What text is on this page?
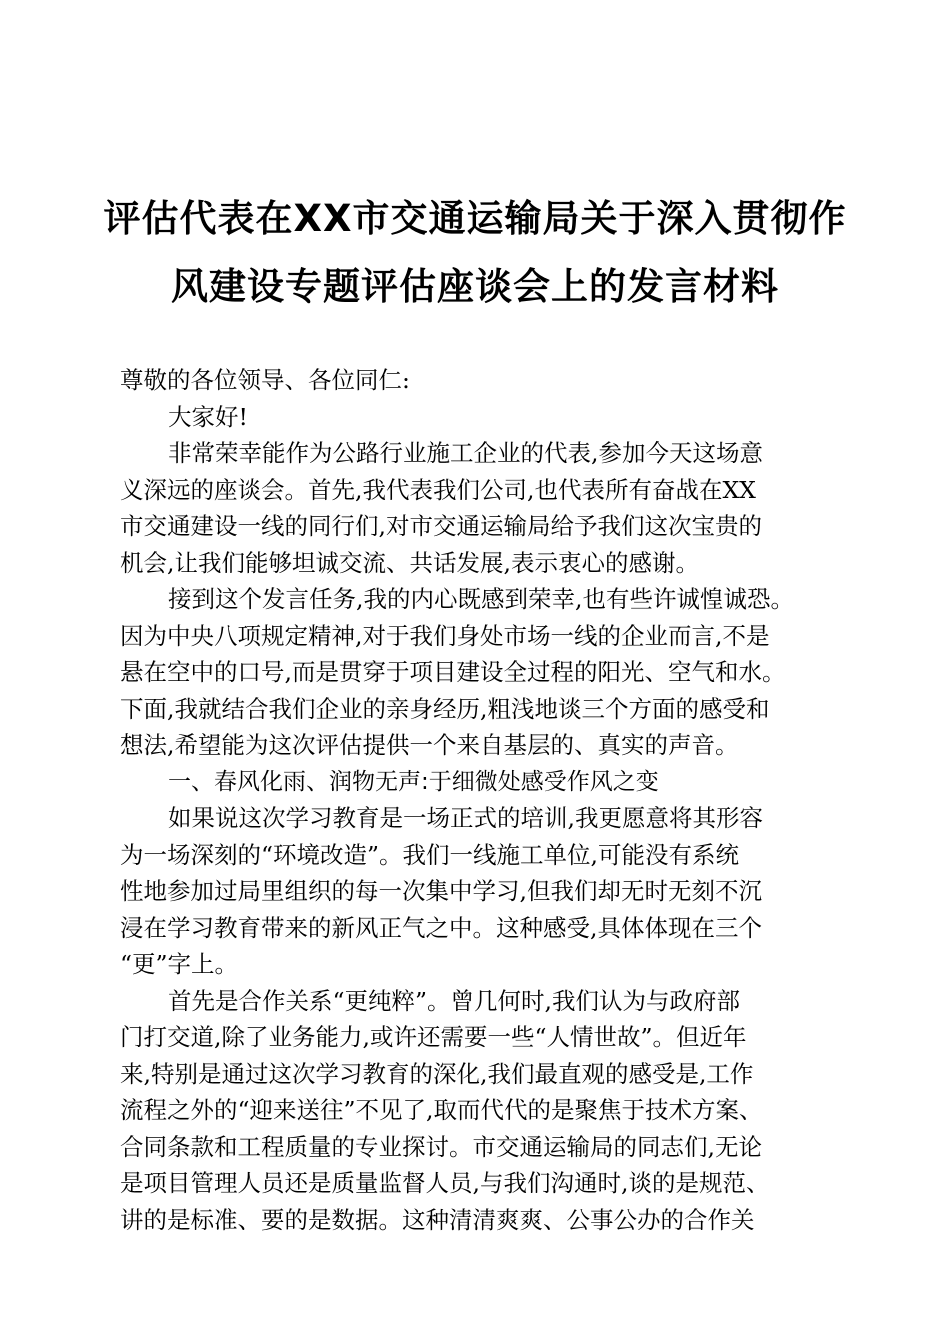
评估代表在XX市交通运输局关于深入贯彻作
风建设专题评估座谈会上的发言材料
尊敬的各位领导、各位同仁:
大家好!
非常荣幸能作为公路行业施工企业的代表,参加今天这场意
义深远的座谈会。首先,我代表我们公司,也代表所有奋战在XX
市交通建设一线的同行们,对市交通运输局给予我们这次宝贵的
机会,让我们能够坦诚交流、共话发展,表示衷心的感谢。
接到这个发言任务,我的内心既感到荣幸,也有些许诚惶诚恐。
因为中央八项规定精神,对于我们身处市场一线的企业而言,不是
悬在空中的口号,而是贯穿于项目建设全过程的阳光、空气和水。
下面,我就结合我们企业的亲身经历,粗浅地谈三个方面的感受和
想法,希望能为这次评估提供一个来自基层的、真实的声音。
一、春风化雨、润物无声:于细微处感受作风之变
如果说这次学习教育是一场正式的培训,我更愿意将其形容
为一场深刻的“环境改造”。我们一线施工单位,可能没有系统
性地参加过局里组织的每一次集中学习,但我们却无时无刻不沉
浸在学习教育带来的新风正气之中。这种感受,具体体现在三个
“更”字上。
首先是合作关系“更纯粹”。曾几何时,我们认为与政府部
门打交道,除了业务能力,或许还需要一些“人情世故”。但近年
来,特别是通过这次学习教育的深化,我们最直观的感受是,工作
流程之外的“迎来送往”不见了,取而代代的是聚焦于技术方案、
合同条款和工程质量的专业探讨。市交通运输局的同志们,无论
是项目管理人员还是质量监督人员,与我们沟通时,谈的是规范、
讲的是标准、要的是数据。这种清清爽爽、公事公办的合作关
